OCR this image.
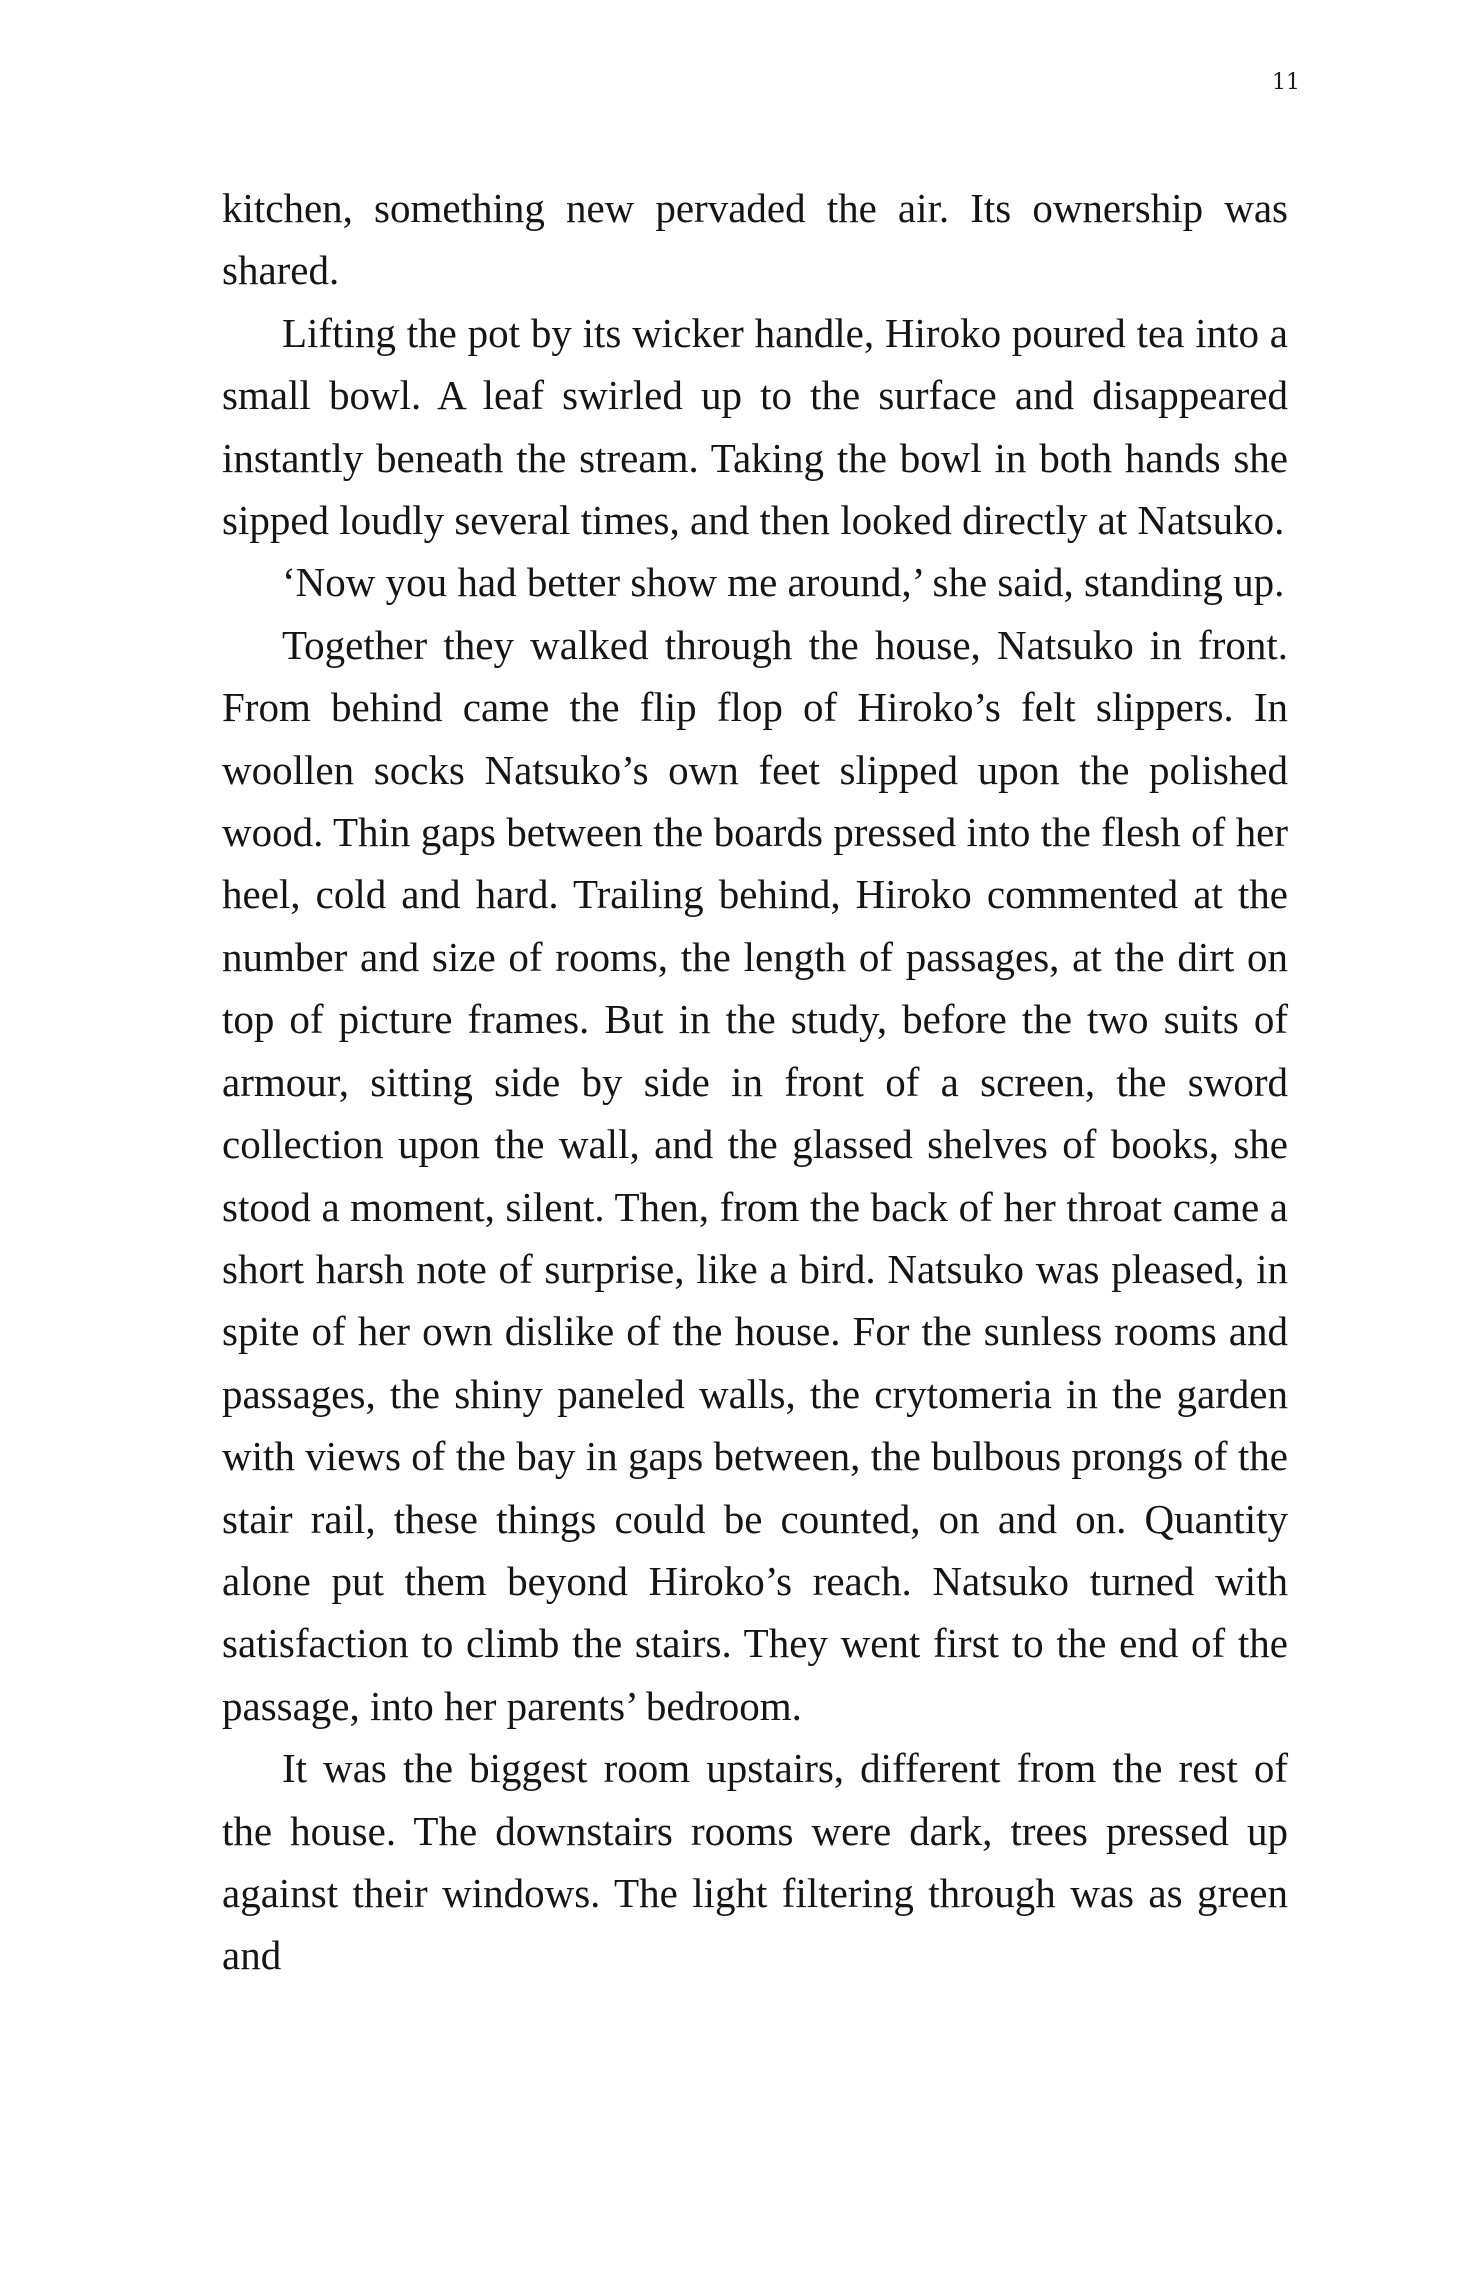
11

kitchen, something new pervaded the air. Its ownership was shared.

Lifting the pot by its wicker handle, Hiroko poured tea into a small bowl. A leaf swirled up to the surface and disappeared instantly beneath the stream. Taking the bowl in both hands she sipped loudly several times, and then looked directly at Natsuko.

‘Now you had better show me around,’ she said, standing up.

Together they walked through the house, Natsuko in front. From behind came the flip flop of Hiroko’s felt slippers. In woollen socks Natsuko’s own feet slipped upon the polished wood. Thin gaps between the boards pressed into the flesh of her heel, cold and hard. Trailing behind, Hiroko commented at the number and size of rooms, the length of passages, at the dirt on top of picture frames. But in the study, before the two suits of armour, sitting side by side in front of a screen, the sword collection upon the wall, and the glassed shelves of books, she stood a moment, silent. Then, from the back of her throat came a short harsh note of surprise, like a bird. Natsuko was pleased, in spite of her own dislike of the house. For the sunless rooms and passages, the shiny paneled walls, the crytomeria in the garden with views of the bay in gaps between, the bulbous prongs of the stair rail, these things could be counted, on and on. Quantity alone put them beyond Hiroko’s reach. Natsuko turned with satisfaction to climb the stairs. They went first to the end of the passage, into her parents’ bedroom.

It was the biggest room upstairs, different from the rest of the house. The downstairs rooms were dark, trees pressed up against their windows. The light filtering through was as green and
